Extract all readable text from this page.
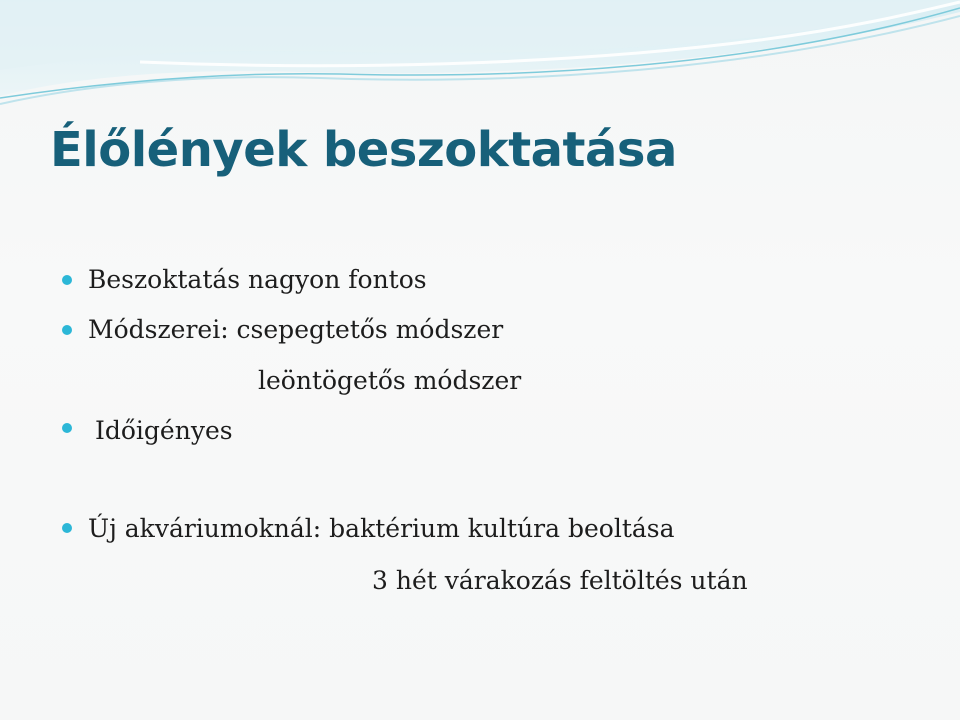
Élőlények beszoktatása
Beszoktatás nagyon fontos
Módszerei: csepegtetős módszer
leöntögetős módszer
Időigényes
Új akváriumoknál: baktérium kultúra beoltása
3 hét várakozás feltöltés után
